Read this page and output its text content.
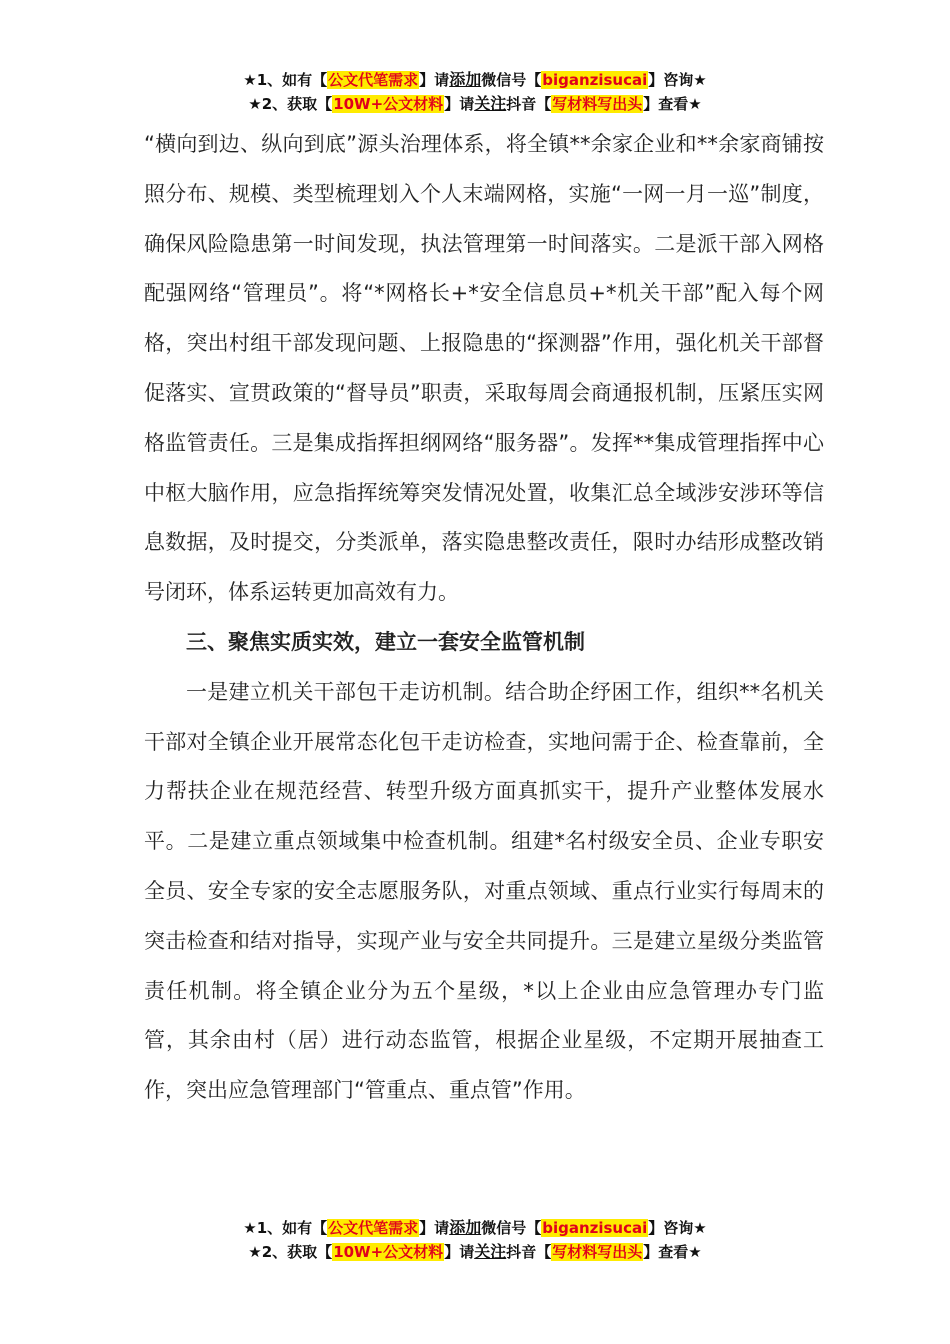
★1、如有【公文代笔需求】请添加微信号【biganzisucai】咨询★
★2、获取【10W+公文材料】请关注抖音【写材料写出头】查看★

“横向到边、纵向到底”源头治理体系，将全镇**余家企业和**余家商铺按照分布、规模、类型梳理划入个人末端网格，实施“一网一月一巡”制度，确保风险隐患第一时间发现，执法管理第一时间落实。二是派干部入网格配强网络“管理员”。将“*网格长+*安全信息员+*机关干部”配入每个网格，突出村组干部发现问题、上报隐患的“探测器”作用，强化机关干部督促落实、宣贯政策的“督导员”职责，采取每周会商通报机制，压紧压实网格监管责任。三是集成指挥担纲网络“服务器”。发挥**集成管理指挥中心中枢大脑作用，应急指挥统筹突发情况处置，收集汇总全域涉安涉环等信息数据，及时提交，分类派单，落实隐患整改责任，限时办结形成整改销号闭环，体系运转更加高效有力。

三、聚焦实质实效，建立一套安全监管机制

一是建立机关干部包干走访机制。结合助企纾困工作，组织**名机关干部对全镇企业开展常态化包干走访检查，实地问需于企、检查靠前，全力帮扶企业在规范经营、转型升级方面真抓实干，提升产业整体发展水平。二是建立重点领域集中检查机制。组建*名村级安全员、企业专职安全员、安全专家的安全志愿服务队，对重点领域、重点行业实行每周末的突击检查和结对指导，实现产业与安全共同提升。三是建立星级分类监管责任机制。将全镇企业分为五个星级，*以上企业由应急管理办专门监管，其余由村（居）进行动态监管，根据企业星级，不定期开展抽查工作，突出应急管理部门“管重点、重点管”作用。

★1、如有【公文代笔需求】请添加微信号【biganzisucai】咨询★
★2、获取【10W+公文材料】请关注抖音【写材料写出头】查看★
